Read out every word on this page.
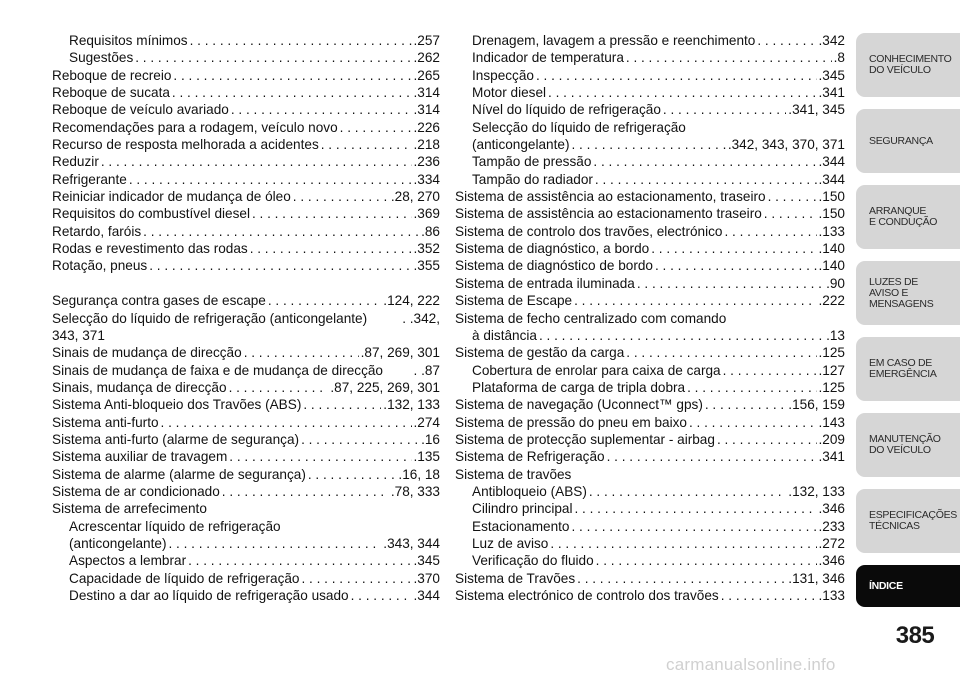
Requisitos mínimos . . .	.257
Sugestões . . .	.262
Reboque de recreio . . .	.265
Reboque de sucata . . .	.314
Reboque de veículo avariado . . .	.314
Recomendações para a rodagem, veículo novo . . .	.226
Recurso de resposta melhorada a acidentes . . .	.218
Reduzir . . .	.236
Refrigerante . . .	.334
Reiniciar indicador de mudança de óleo . . .	.28, 270
Requisitos do combustível diesel . . .	.369
Retardo, faróis . . .	.86
Rodas e revestimento das rodas . . .	.352
Rotação, pneus . . .	.355
Segurança contra gases de escape . . .	.124, 222
Selecção do líquido de refrigeração (anticongelante)	. .342,
343, 371
Sinais de mudança de direcção . . .	.87, 269, 301
Sinais de mudança de faixa e de mudança de direcção . .87
Sinais, mudança de direcção . . .	.87, 225, 269, 301
Sistema Anti-bloqueio dos Travões (ABS) . . .	.132, 133
Sistema anti-furto . . .	.274
Sistema anti-furto (alarme de segurança) . . .	.16
Sistema auxiliar de travagem . . .	.135
Sistema de alarme (alarme de segurança) . . .	.16, 18
Sistema de ar condicionado . . .	.78, 333
Sistema de arrefecimento
Acrescentar líquido de refrigeração
(anticongelante) . . .	.343, 344
Aspectos a lembrar . . .	.345
Capacidade de líquido de refrigeração . . .	.370
Destino a dar ao líquido de refrigeração usado . . .	.344
Drenagem, lavagem a pressão e reenchimento . . .	.342
Indicador de temperatura . . .	.8
Inspecção . . .	.345
Motor diesel . . .	.341
Nível do líquido de refrigeração . . .	.341, 345
Selecção do líquido de refrigeração
(anticongelante) . . .	.342, 343, 370, 371
Tampão de pressão . . .	.344
Tampão do radiador . . .	.344
Sistema de assistência ao estacionamento, traseiro . . .	.150
Sistema de assistência ao estacionamento traseiro . . .	.150
Sistema de controlo dos travões, electrónico . . .	.133
Sistema de diagnóstico, a bordo . . .	.140
Sistema de diagnóstico de bordo . . .	.140
Sistema de entrada iluminada . . .	.90
Sistema de Escape . . .	.222
Sistema de fecho centralizado com comando
à distância . . .	.13
Sistema de gestão da carga . . .	.125
Cobertura de enrolar para caixa de carga . . .	.127
Plataforma de carga de tripla dobra . . .	.125
Sistema de navegação (Uconnect™ gps) . . .	.156, 159
Sistema de pressão do pneu em baixo . . .	.143
Sistema de protecção suplementar - airbag . . .	.209
Sistema de Refrigeração . . .	.341
Sistema de travões
Antibloqueio (ABS) . . .	.132, 133
Cilindro principal . . .	.346
Estacionamento . . .	.233
Luz de aviso . . .	.272
Verificação do fluido . . .	.346
Sistema de Travões . . .	.131, 346
Sistema electrónico de controlo dos travões . . .	.133
CONHECIMENTO
DO VEÍCULO
SEGURANÇA
ARRANQUE
E CONDUÇÃO
LUZES DE
AVISO E
MENSAGENS
EM CASO DE
EMERGÊNCIA
MANUTENÇÃO
DO VEÍCULO
ESPECIFICAÇÕES
TÉCNICAS
ÍNDICE
385
carmanualsonline.info
